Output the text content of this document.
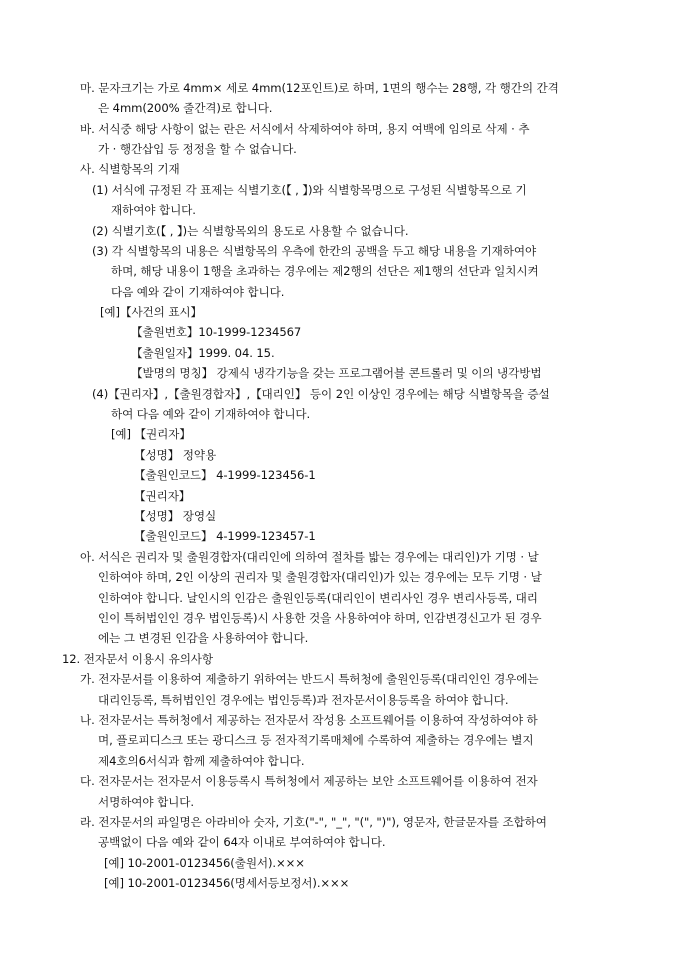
마. 문자크기는 가로 4mm× 세로 4mm(12포인트)로 하며, 1면의 행수는 28행, 각 행간의 간격
은 4mm(200% 줄간격)로 합니다.
바. 서식중 해당 사항이 없는 란은 서식에서 삭제하여야 하며, 용지 여백에 임의로 삭제 · 추
가 · 행간삽입 등 정정을 할 수 없습니다.
사. 식별항목의 기재
(1) 서식에 규정된 각 표제는 식별기호(【 , 】)와 식별항목명으로 구성된 식별항목으로 기
재하여야 합니다.
(2) 식별기호(【 , 】)는 식별항목외의 용도로 사용할 수 없습니다.
(3) 각 식별항목의 내용은 식별항목의 우측에 한칸의 공백을 두고 해당 내용을 기재하여야
하며, 해당 내용이 1행을 초과하는 경우에는 제2행의 선단은 제1행의 선단과 일치시켜
다음 예와 같이 기재하여야 합니다.
[예]【사건의 표시】
【출원번호】10-1999-1234567
【출원일자】1999. 04. 15.
【발명의 명칭】 강제식 냉각기능을 갖는 프로그램어블 콘트롤러 및 이의 냉각방법
(4)【권리자】,【출원경합자】,【대리인】 등이 2인 이상인 경우에는 해당 식별항목을 증설
하여 다음 예와 같이 기재하여야 합니다.
[예] 【권리자】
【성명】 정약용
【출원인코드】 4-1999-123456-1
【권리자】
【성명】 장영실
【출원인코드】 4-1999-123457-1
아. 서식은 권리자 및 출원경합자(대리인에 의하여 절차를 밟는 경우에는 대리인)가 기명 · 날
인하여야 하며, 2인 이상의 권리자 및 출원경합자(대리인)가 있는 경우에는 모두 기명 · 날
인하여야 합니다. 날인시의 인감은 출원인등록(대리인이 변리사인 경우 변리사등록, 대리
인이 특허법인인 경우 법인등록)시 사용한 것을 사용하여야 하며, 인감변경신고가 된 경우
에는 그 변경된 인감을 사용하여야 합니다.
12. 전자문서 이용시 유의사항
가. 전자문서를 이용하여 제출하기 위하여는 반드시 특허청에 출원인등록(대리인인 경우에는
대리인등록, 특허법인인 경우에는 법인등록)과 전자문서이용등록을 하여야 합니다.
나. 전자문서는 특허청에서 제공하는 전자문서 작성용 소프트웨어를 이용하여 작성하여야 하
며, 플로피디스크 또는 광디스크 등 전자적기록매체에 수록하여 제출하는 경우에는 별지
제4호의6서식과 함께 제출하여야 합니다.
다. 전자문서는 전자문서 이용등록시 특허청에서 제공하는 보안 소프트웨어를 이용하여 전자
서명하여야 합니다.
라. 전자문서의 파일명은 아라비아 숫자, 기호("-", "_", "(", ")"), 영문자, 한글문자를 조합하여
공백없이 다음 예와 같이 64자 이내로 부여하여야 합니다.
[예] 10-2001-0123456(출원서).×××
[예] 10-2001-0123456(명세서등보정서).×××
